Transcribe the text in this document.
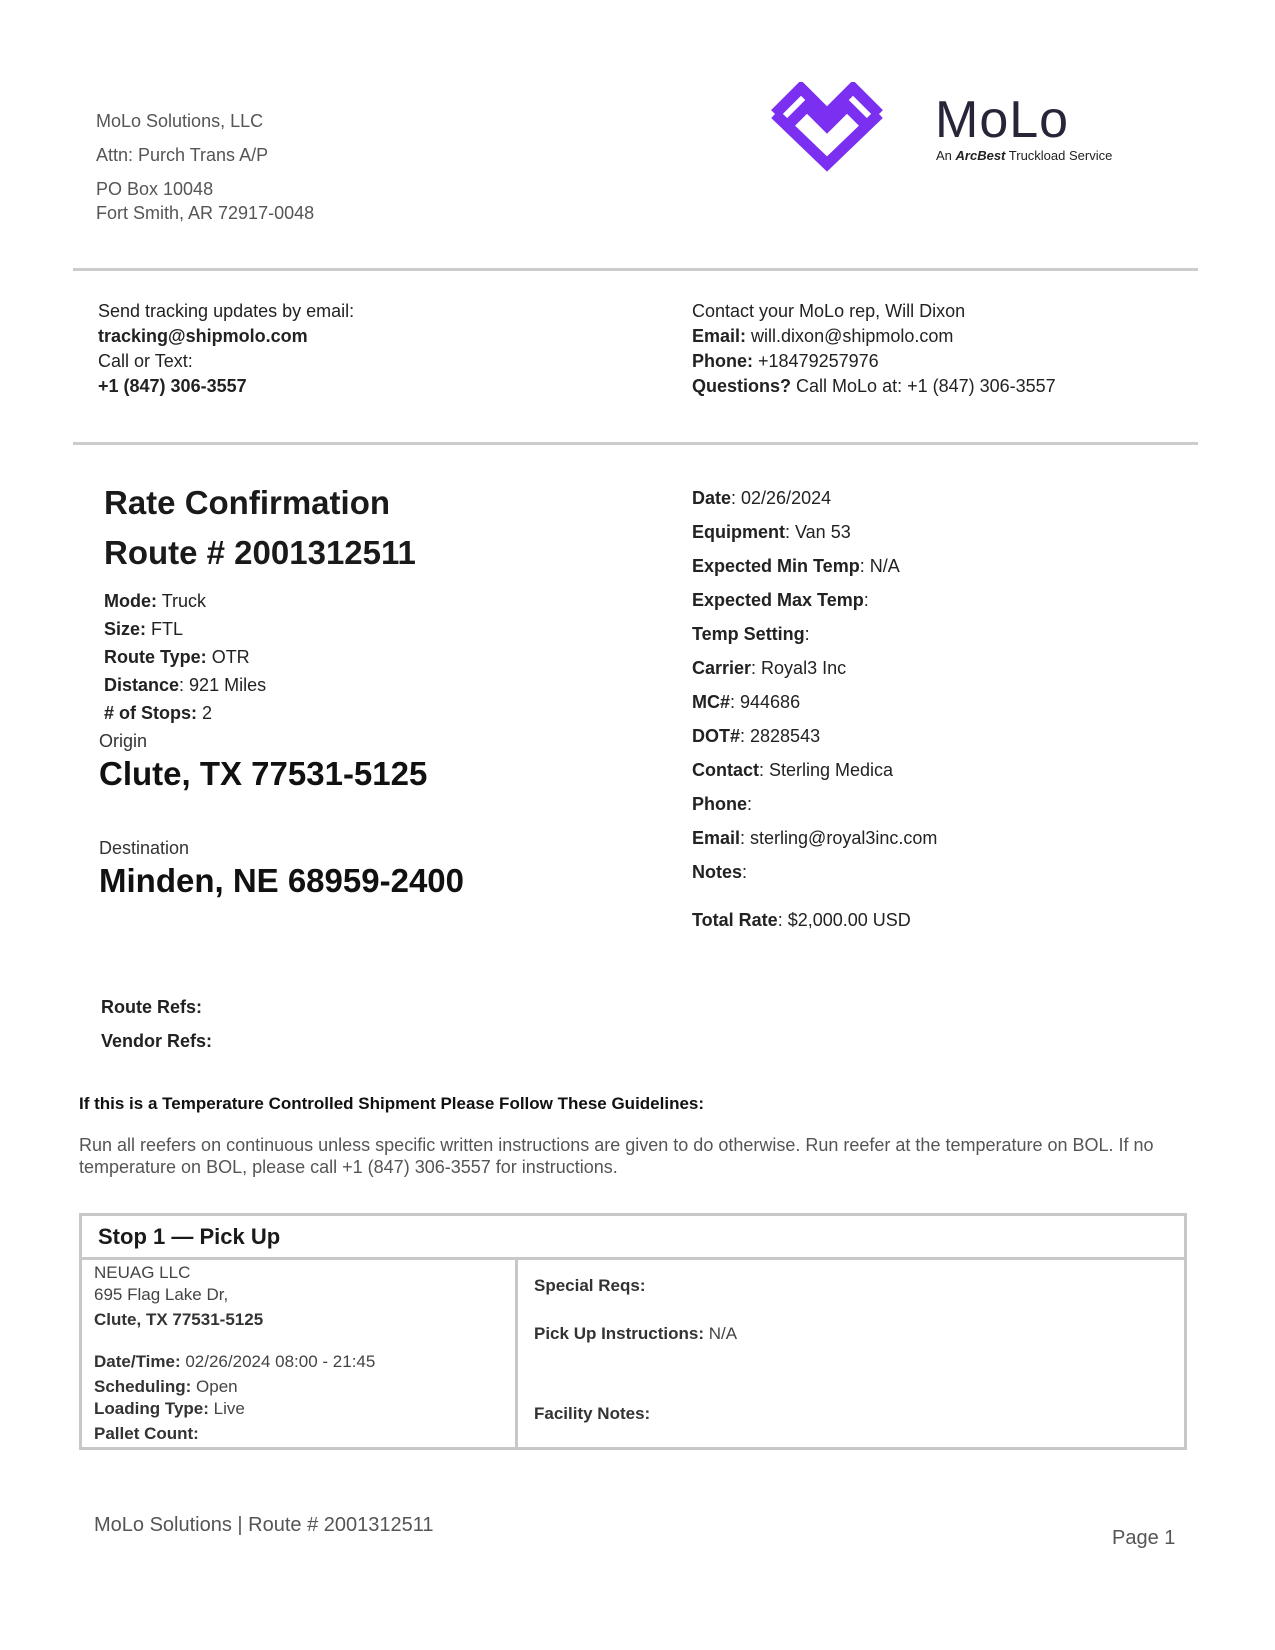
MoLo Solutions, LLC
Attn: Purch Trans A/P
PO Box 10048
Fort Smith, AR 72917-0048
MoLo
An ArcBest Truckload Service
Send tracking updates by email:
tracking@shipmolo.com
Call or Text:
+1 (847) 306-3557
Contact your MoLo rep, Will Dixon
Email: will.dixon@shipmolo.com
Phone: +18479257976
Questions? Call MoLo at: +1 (847) 306-3557
Rate Confirmation
Route # 2001312511
Mode: Truck
Size: FTL
Route Type: OTR
Distance: 921 Miles
# of Stops: 2
Origin
Clute, TX 77531-5125
Destination
Minden, NE 68959-2400
Date: 02/26/2024
Equipment: Van 53
Expected Min Temp: N/A
Expected Max Temp:
Temp Setting:
Carrier: Royal3 Inc
MC#: 944686
DOT#: 2828543
Contact: Sterling Medica
Phone:
Email: sterling@royal3inc.com
Notes:
Total Rate: $2,000.00 USD
Route Refs:
Vendor Refs:
If this is a Temperature Controlled Shipment Please Follow These Guidelines:
Run all reefers on continuous unless specific written instructions are given to do otherwise. Run reefer at the temperature on BOL. If no temperature on BOL, please call +1 (847) 306-3557 for instructions.
Stop 1 — Pick Up
NEUAG LLC
695 Flag Lake Dr,
Clute, TX 77531-5125
Date/Time: 02/26/2024 08:00 - 21:45
Scheduling: Open
Loading Type: Live
Pallet Count:
Special Reqs:
Pick Up Instructions: N/A
Facility Notes:
MoLo Solutions | Route # 2001312511
Page 1
